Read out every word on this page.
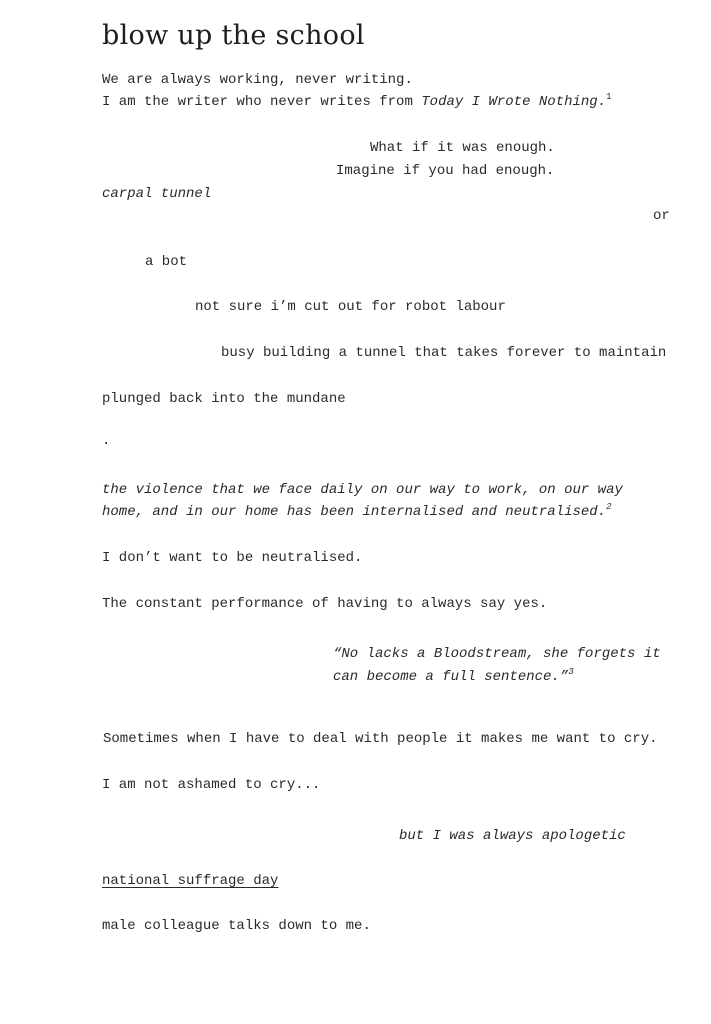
blow up the school
We are always working, never writing.
I am the writer who never writes from Today I Wrote Nothing.$^1$
What if it was enough.
Imagine if you had enough.
carpal tunnel
or
a bot
not sure i’m cut out for robot labour
busy building a tunnel that takes forever to maintain
plunged back into the mundane
.
the violence that we face daily on our way to work, on our way
home, and in our home has been internalised and neutralised.$^2$
I don’t want to be neutralised.
The constant performance of having to always say yes.
“No lacks a Bloodstream, she forgets it
can become a full sentence.”$^3$
Sometimes when I have to deal with people it makes me want to cry.
I am not ashamed to cry...
but I was always apologetic
national suffrage day
male colleague talks down to me.
